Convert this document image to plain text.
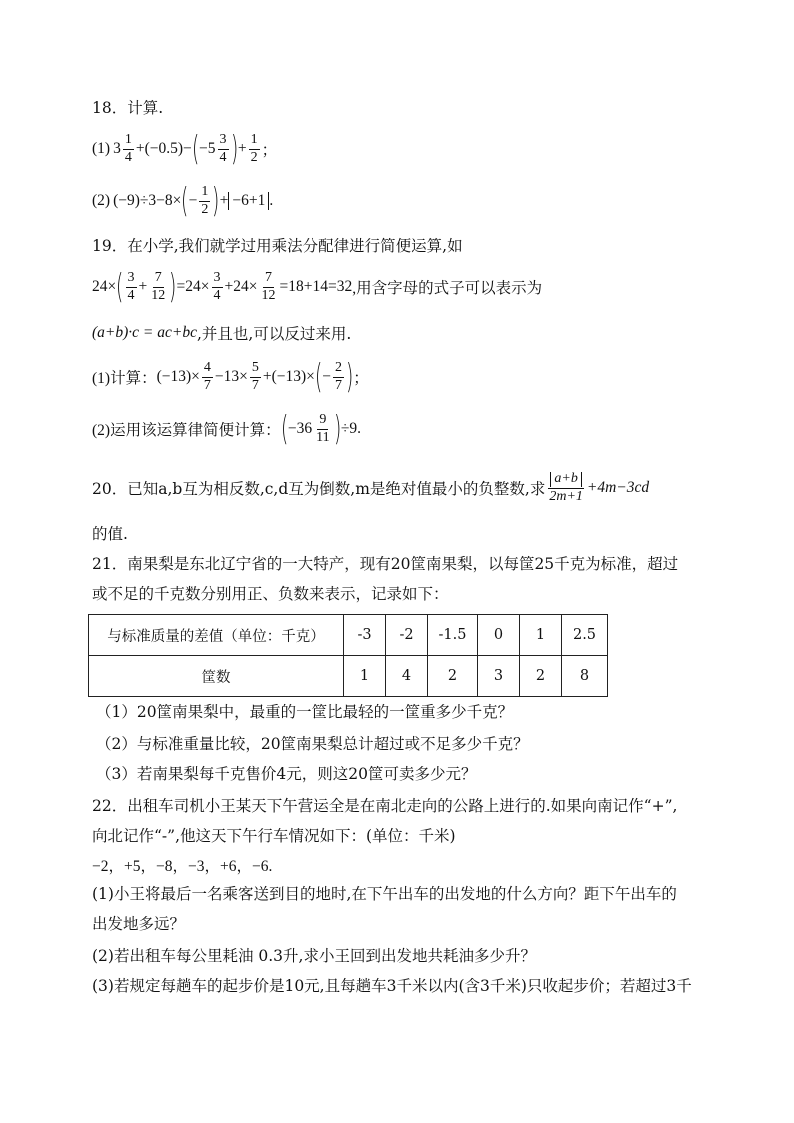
18．计算.
(1) $3 \frac{1}{4} + (-0.5)$ − ( $-5 \frac{3}{4}$ ) + $\frac{1}{2}$ ；
(2) (−9)÷3−8× ( − $\frac{1}{2}$ ) + −6+1 .
19．在小学,我们就学过用乘法分配律进行简便运算,如
24× ( $\frac{3}{4} + \frac{7}{12}$ ) $=24\times \frac{3}{4} +24\times \frac{7}{12} =18+14=32$ ,用含字母的式子可以表示为
(a+b)·c = ac+bc ,并且也,可以反过来用.
(1)计算： $(-13)\times \frac{4}{7} -13\times \frac{5}{7} +(-13)\times$ ( − $\frac{2}{7}$ ) ；
(2)运用该运算律简便计算： ( $-36 \frac{9}{11}$ ) ÷9.
20．已知a,b互为相反数,c,d互为倒数,m是绝对值最小的负整数,求 $\frac{a+b}{2m+1} +4m-3cd$
的值.
21．南果梨是东北辽宁省的一大特产，现有20筐南果梨，以每筐25千克为标准，超过
或不足的千克数分别用正、负数来表示，记录如下：
与标准质量的差值（单位：千克）	-3	-2	-1.5	0	1	2.5
筐数	1	4	2	3	2	8
（1）20筐南果梨中，最重的一筐比最轻的一筐重多少千克？
（2）与标准重量比较，20筐南果梨总计超过或不足多少千克？
（3）若南果梨每千克售价4元，则这20筐可卖多少元？
22．出租车司机小王某天下午营运全是在南北走向的公路上进行的.如果向南记作“+”,
向北记作“-”,他这天下午行车情况如下：(单位：千米)
−2，+5，−8，−3，+6，−6.
(1)小王将最后一名乘客送到目的地时,在下午出车的出发地的什么方向？距下午出车的
出发地多远？
(2)若出租车每公里耗油 0.3升,求小王回到出发地共耗油多少升？
(3)若规定每趟车的起步价是10元,且每趟车3千米以内(含3千米)只收起步价；若超过3千
